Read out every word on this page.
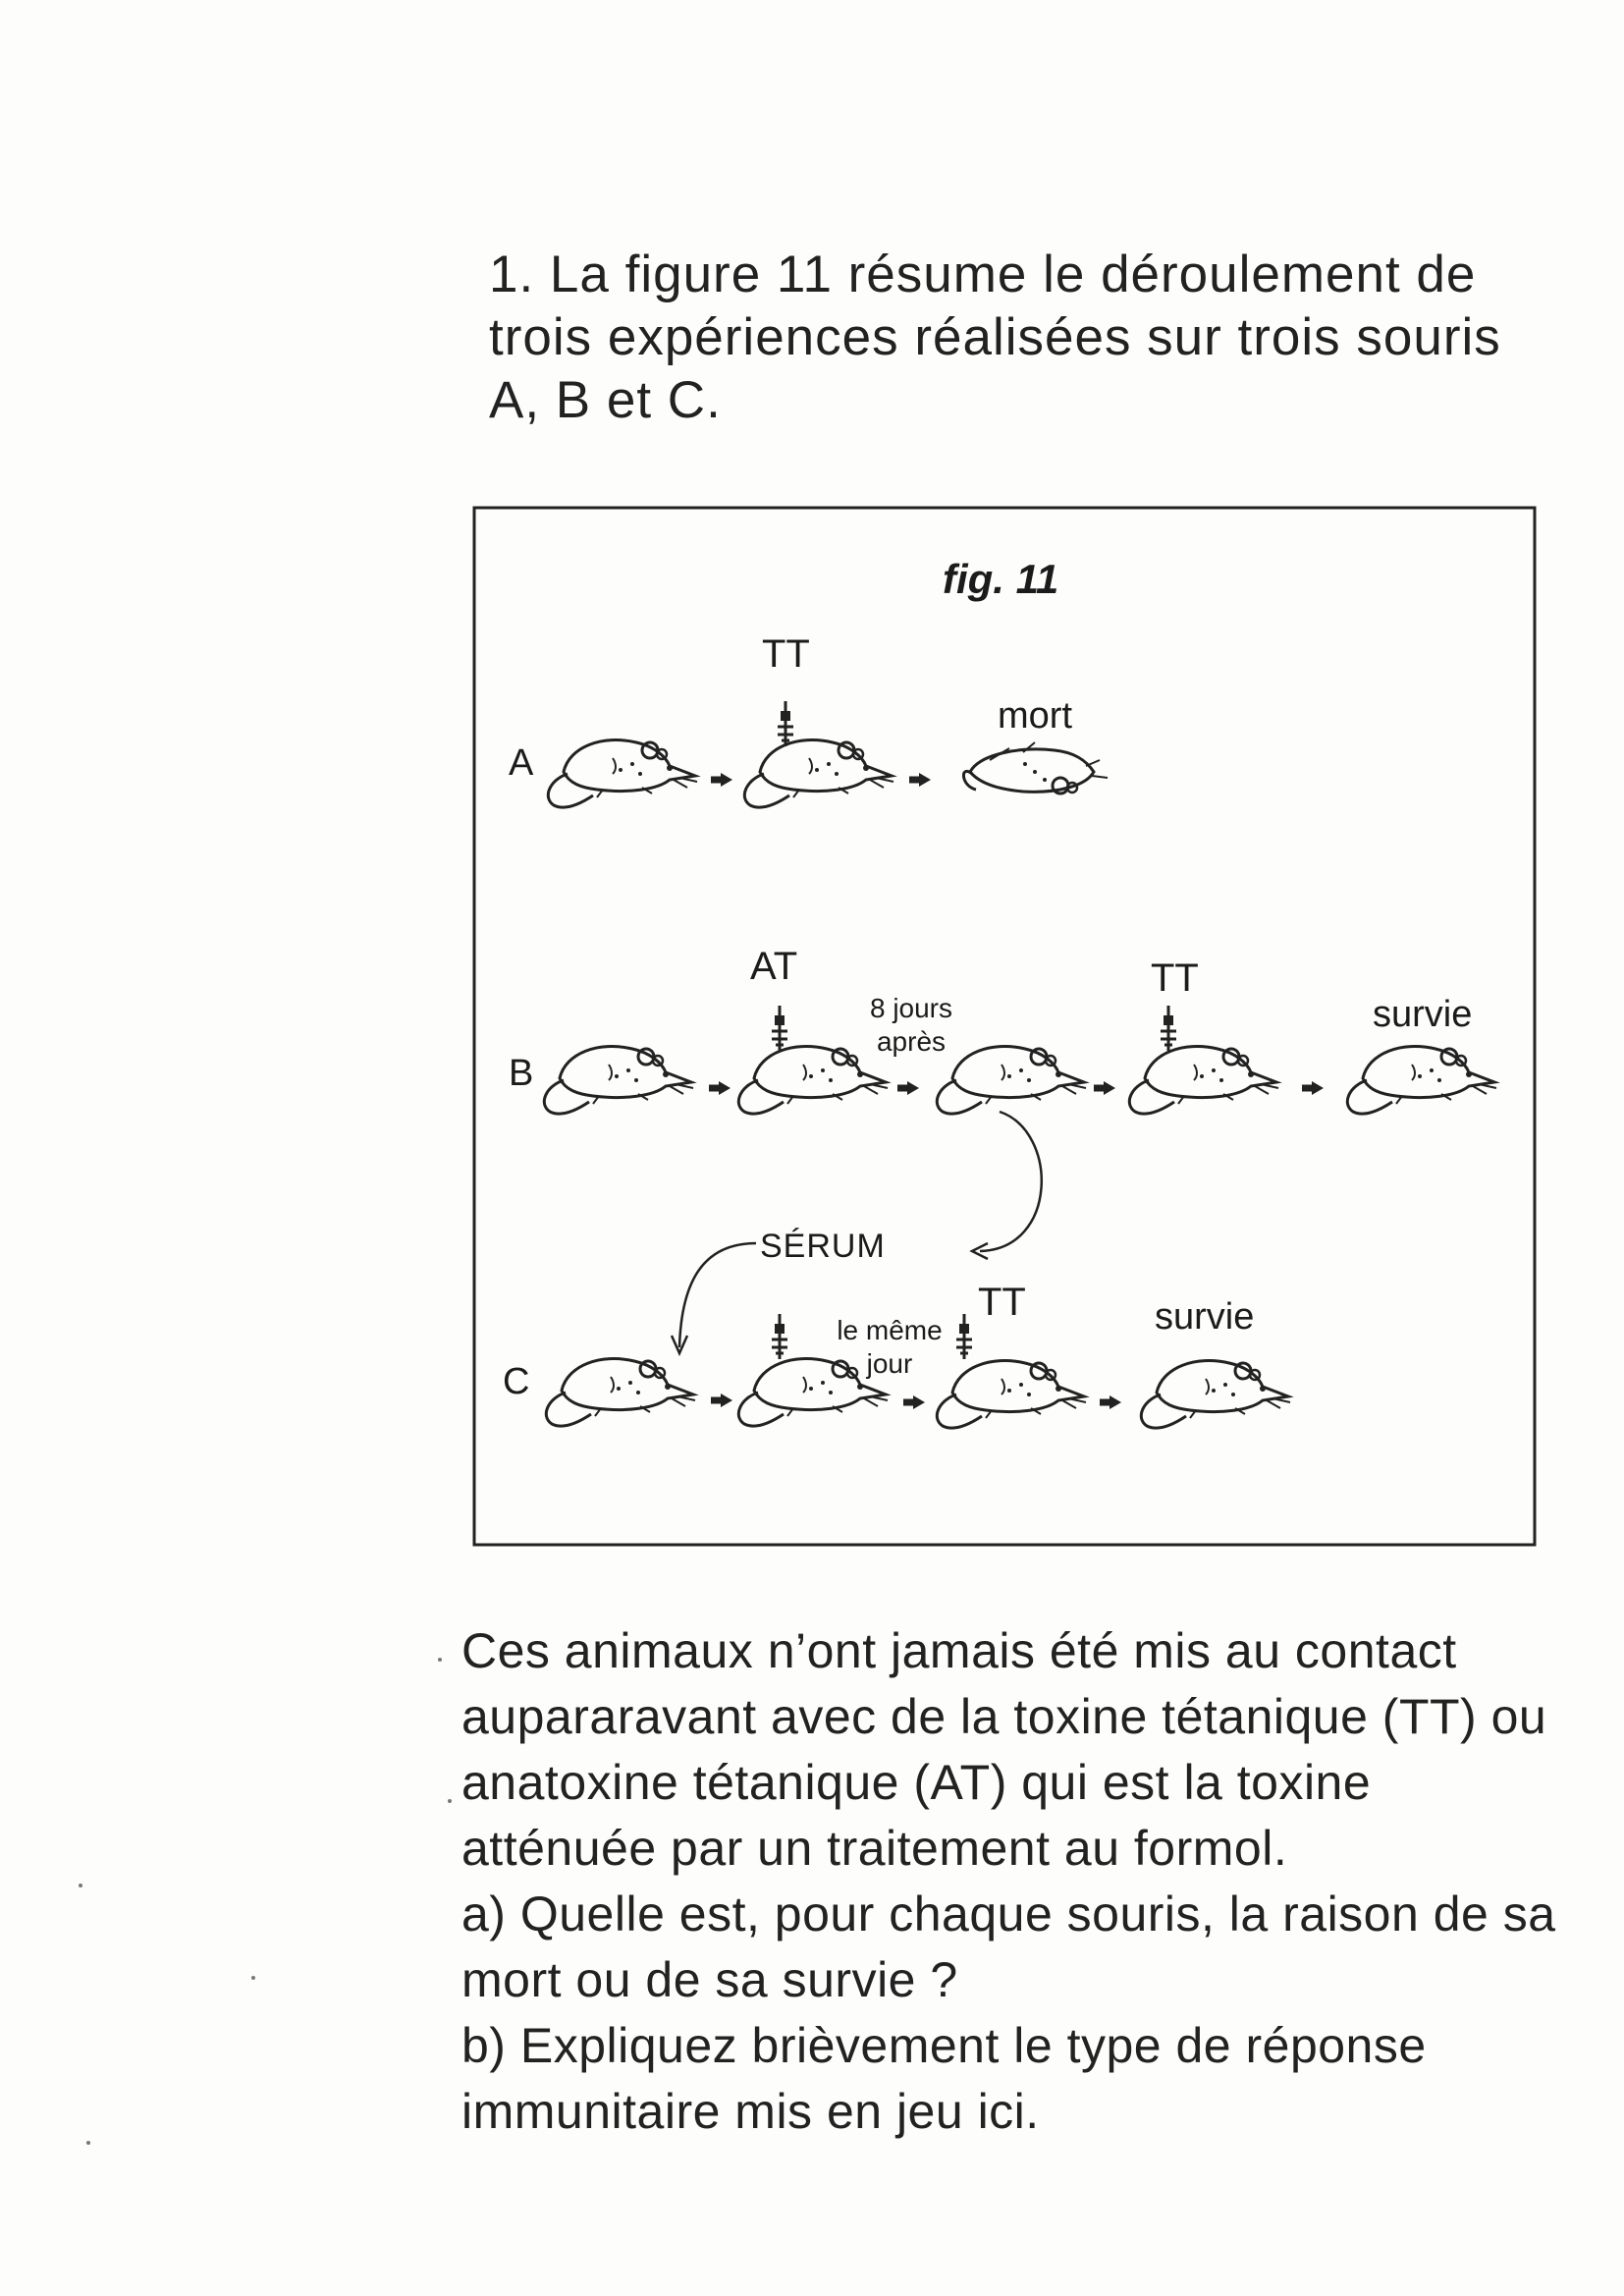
1. La figure 11 résume le déroulement de trois expériences réalisées sur trois souris A, B et C.
fig. 11
A
TT
mort
B
AT
8 jours après
TT
survie
SÉRUM
C
le même jour
TT	survie

Ces animaux n’ont jamais été mis au contact aupararavant avec de la toxine tétanique (TT) ou anatoxine tétanique (AT) qui est la toxine atténuée par un traitement au formol.

a) Quelle est, pour chaque souris, la raison de sa mort ou de sa survie ?

b) Expliquez brièvement le type de réponse immunitaire mis en jeu ici.
